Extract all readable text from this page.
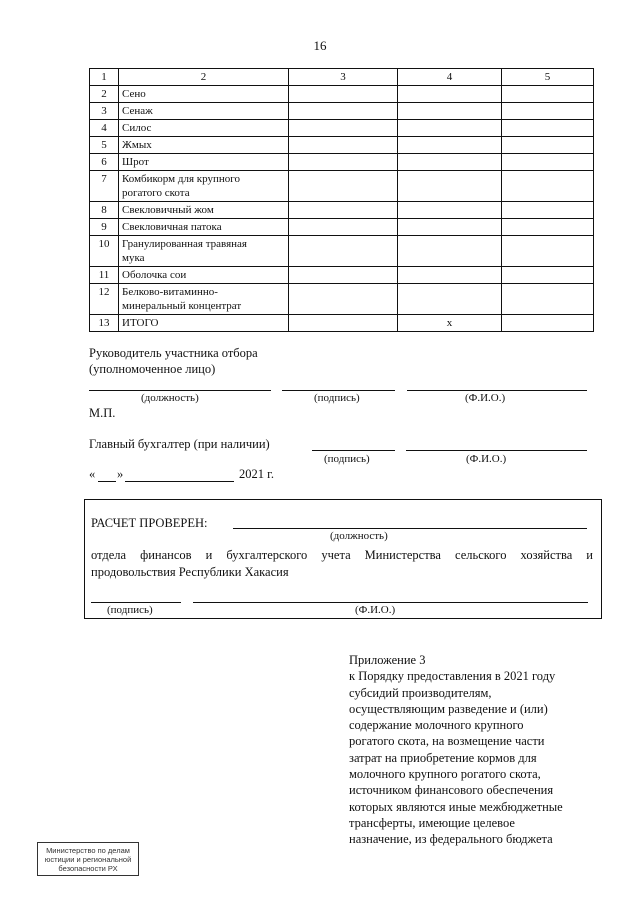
16
1	2	3	4	5
2	Сено			

3	Сенаж			

4	Силос			

5	Жмых			

6	Шрот			

7	Комбикорм для крупного
рогатого скота			

8	Свекловичный жом			

9	Свекловичная патока			

10	Гранулированная травяная
мука			

11	Оболочка сои			

12	Белково-витаминно-
минеральный концентрат			

13	ИТОГО		x	
Руководитель участника отбора
(уполномоченное лицо)
(должность)	(подпись)	(Ф.И.О.)
М.П.
Главный бухгалтер (при наличии)
(подпись)	(Ф.И.О.)
« »	2021 г.
РАСЧЕТ ПРОВЕРЕН:
(должность)
отдела финансов и бухгалтерского учета Министерства сельского хозяйства и продовольствия Республики Хакасия
(подпись)	(Ф.И.О.)
Приложение 3
к Порядку предоставления в 2021 году
субсидий производителям,
осуществляющим разведение и (или)
содержание молочного крупного
рогатого скота, на возмещение части
затрат на приобретение кормов для
молочного крупного рогатого скота,
источником финансового обеспечения
которых являются иные межбюджетные
трансферты, имеющие целевое
назначение, из федерального бюджета
Министерство по делам
юстиции и региональной
безопасности РХ
